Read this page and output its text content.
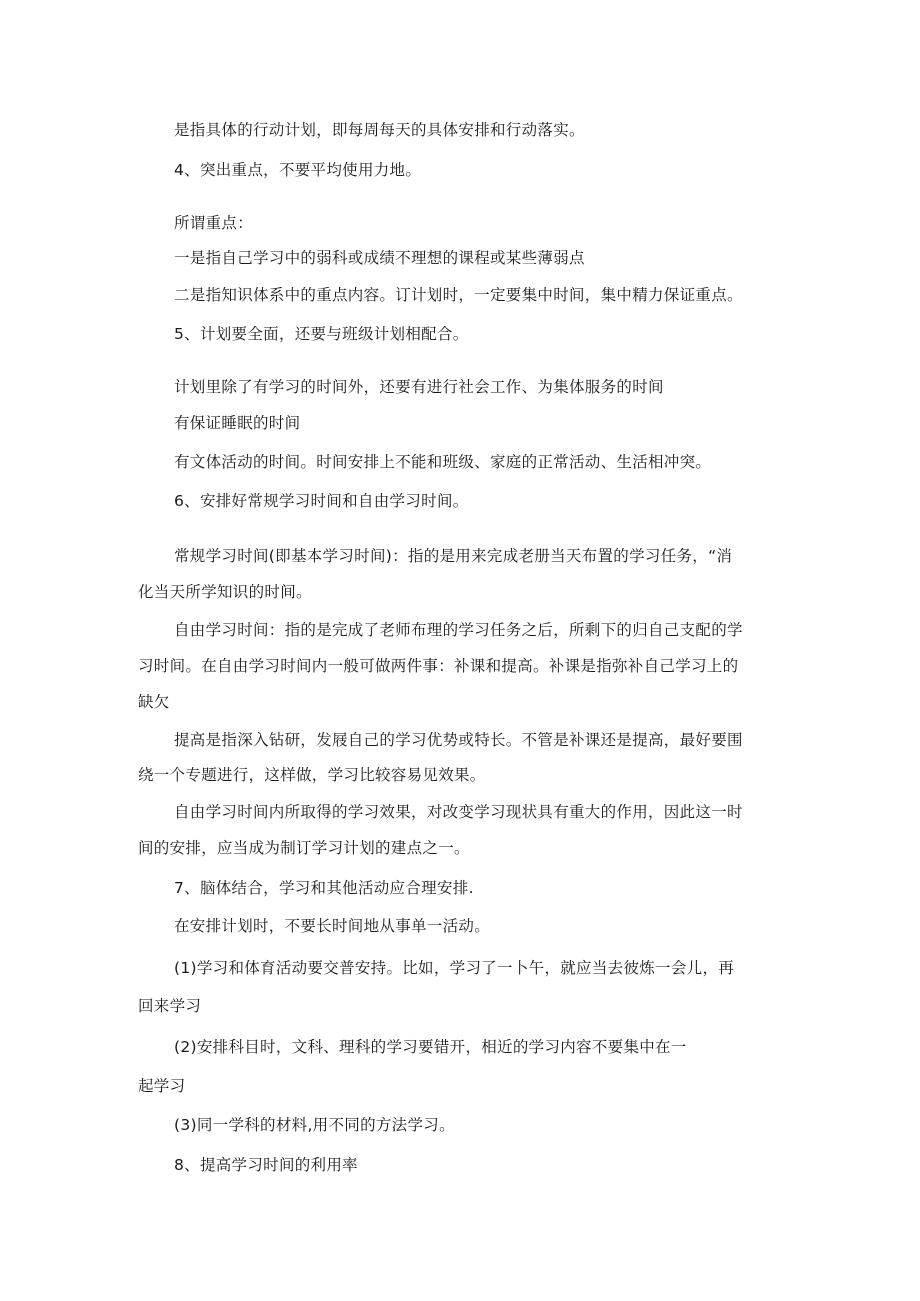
是指具体的行动计划，即每周每天的具体安排和行动落实。
4、突出重点，不要平均使用力地。
所谓重点：
一是指自己学习中的弱科或成绩不理想的课程或某些薄弱点
二是指知识体系中的重点内容。订计划时，一定要集中时间，集中精力保证重点。
5、计划要全面，还要与班级计划相配合。
计划里除了有学习的时间外，还要有进行社会工作、为集体服务的时间
有保证睡眠的时间
有文体活动的时间。时间安排上不能和班级、家庭的正常活动、生活相冲突。
6、安排好常规学习时间和自由学习时间。
常规学习时间(即基本学习时间)：指的是用来完成老册当天布置的学习任务，“消
化当天所学知识的时间。
自由学习时间：指的是完成了老师布理的学习任务之后，所剩下的归自己支配的学
习时间。在自由学习时间内一般可做两件事：补课和提高。补课是指弥补自己学习上的
缺欠
提高是指深入钻研，发屐自己的学习优势或特长。不管是补课还是提高，最好要围
绕一个专题进行，这样做，学习比较容易见效果。
自由学习时间内所取得的学习效果，对改变学习现状具有重大的作用，因此这一时
间的安排，应当成为制订学习计划的建点之一。
7、脑体结合，学习和其他活动应合理安排.
在安排计划时，不要长时间地从事单一活动。
(1)学习和体育活动要交普安持。比如，学习了一卜午，就应当去彼炼一会儿，再
回来学习
(2)安排科目时，文科、理科的学习要错开，相近的学习内容不要集中在一
起学习
(3)同一学科的材料,用不同的方法学习。
8、提高学习时间的利用率
